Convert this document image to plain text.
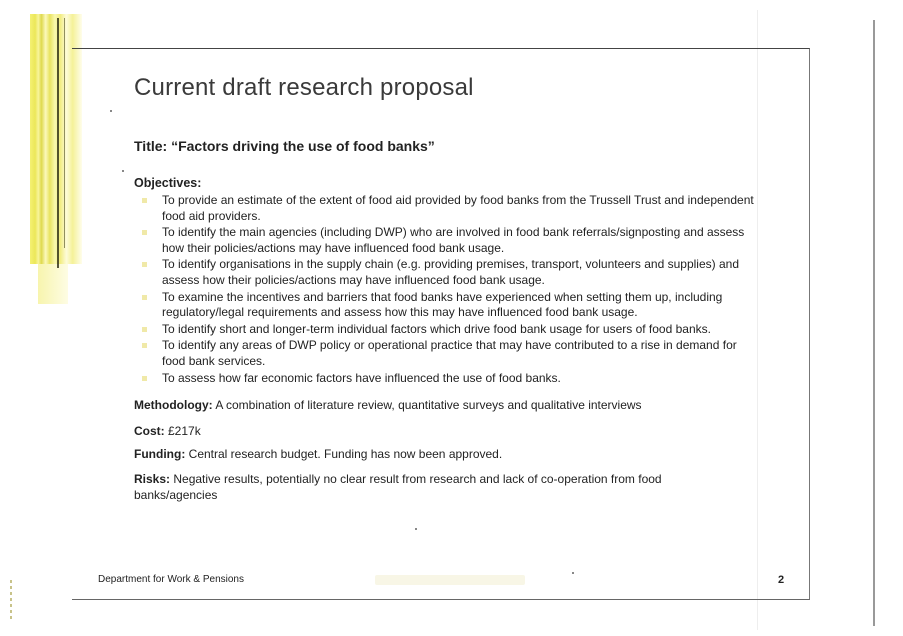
Current draft research proposal
Title: “Factors driving the use of food banks”
Objectives:
To provide an estimate of the extent of food aid provided by food banks from the Trussell Trust and independent food aid providers.
To identify the main agencies (including DWP) who are involved in food bank referrals/signposting and assess how their policies/actions may have influenced food bank usage.
To identify organisations in the supply chain (e.g. providing premises, transport, volunteers and supplies) and assess how their policies/actions may have influenced food bank usage.
To examine the incentives and barriers that food banks have experienced when setting them up, including regulatory/legal requirements and assess how this may have influenced food bank usage.
To identify short and longer-term individual factors which drive food bank usage for users of food banks.
To identify any areas of DWP policy or operational practice that may have contributed to a rise in demand for food bank services.
To assess how far economic factors have influenced the use of food banks.
Methodology: A combination of literature review, quantitative surveys and qualitative interviews
Cost: £217k
Funding: Central research budget. Funding has now been approved.
Risks: Negative results, potentially no clear result from research and lack of co-operation from food banks/agencies
Department for Work & Pensions	2
